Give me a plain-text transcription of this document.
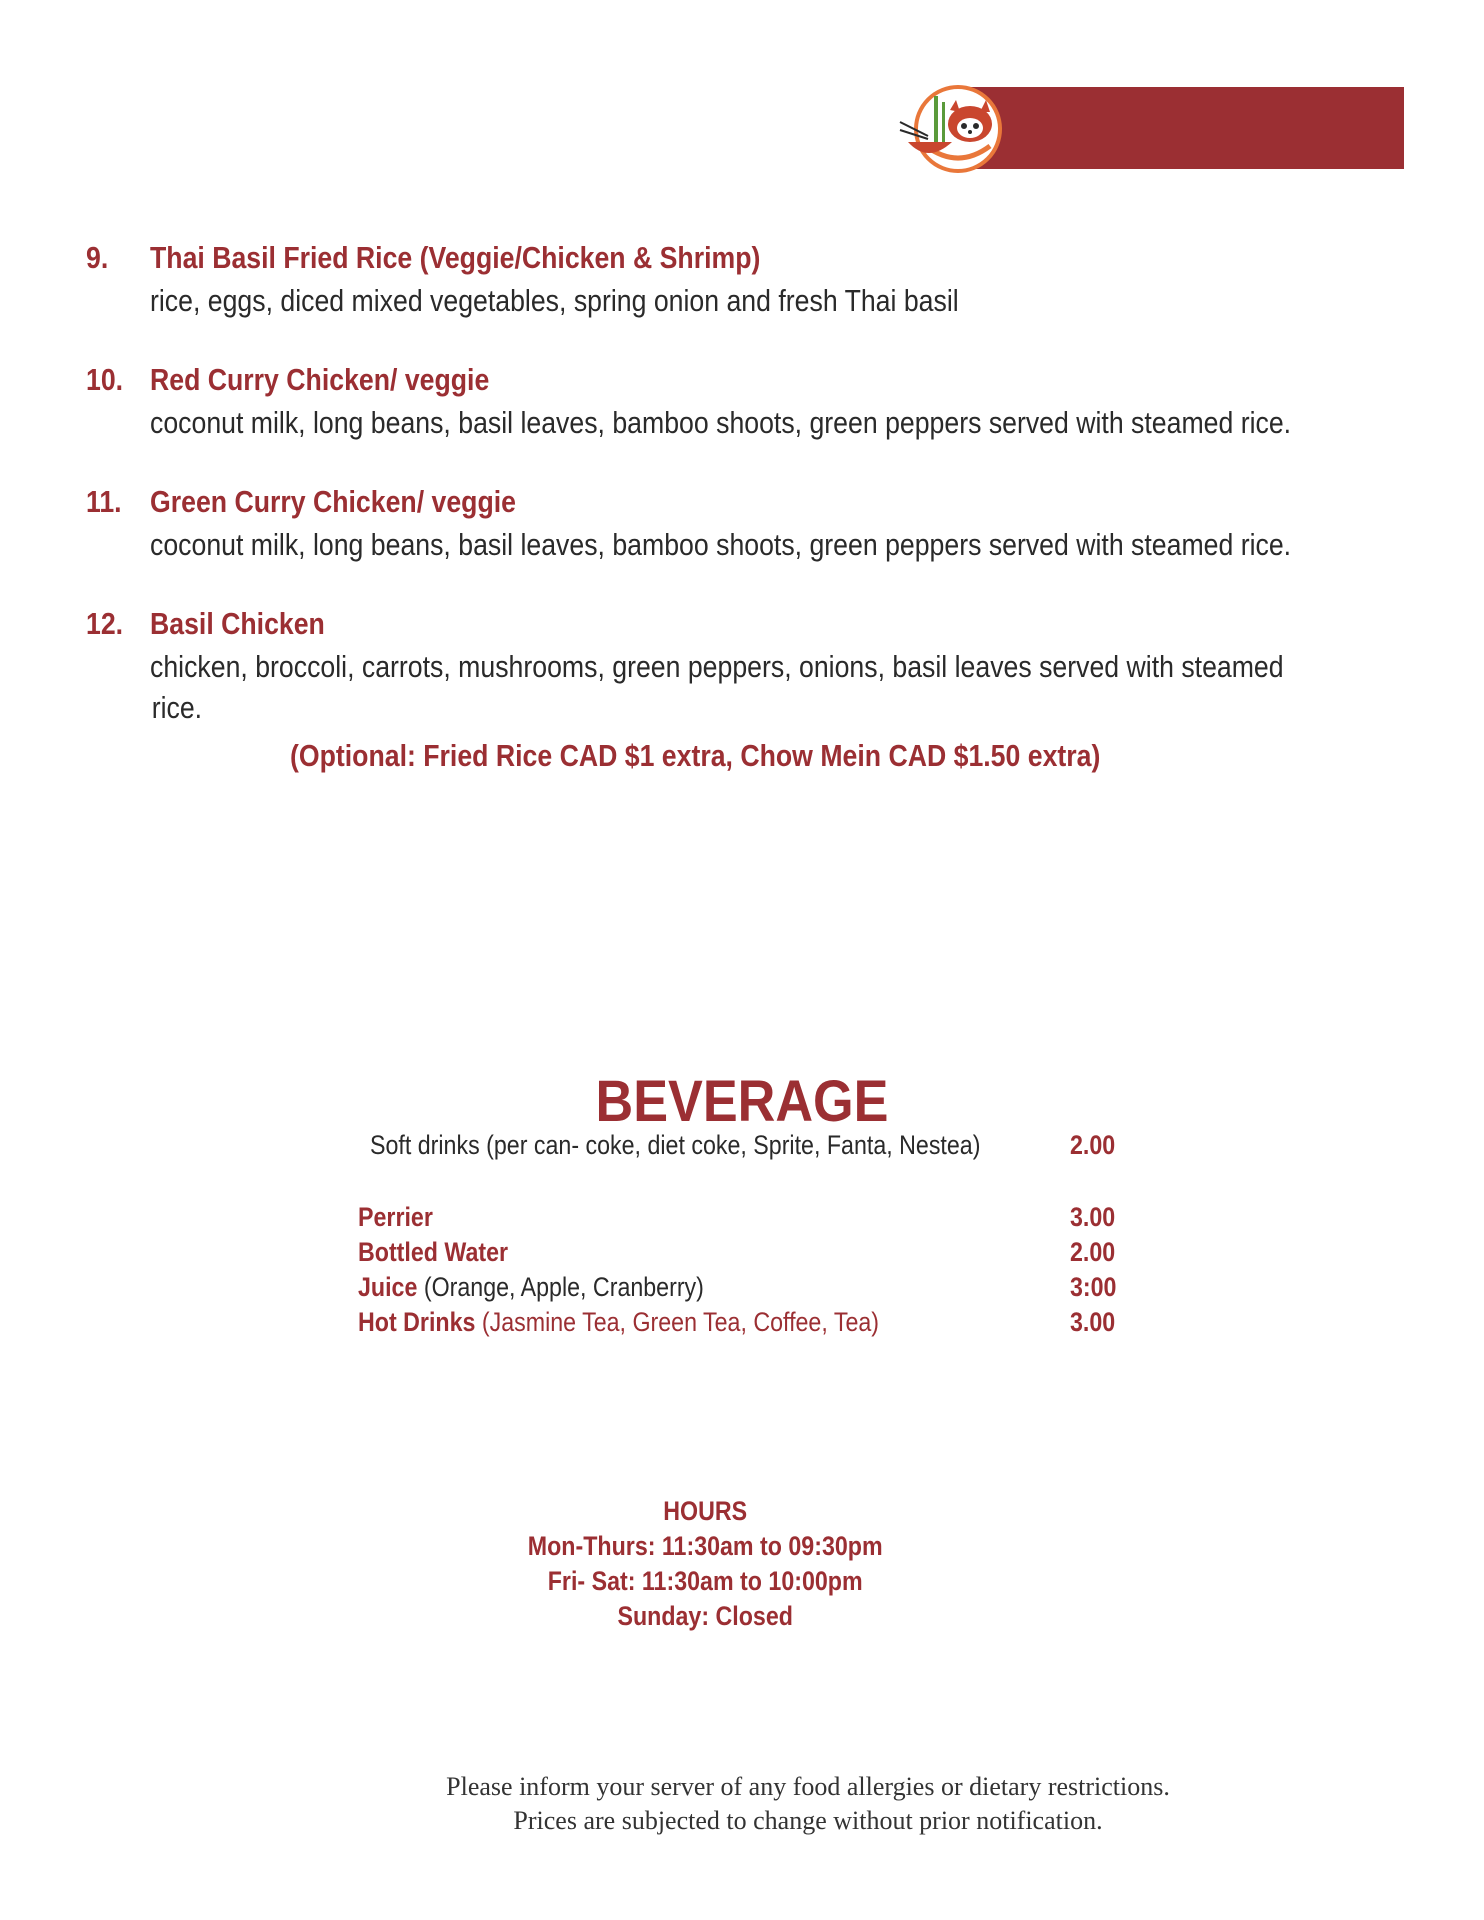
9. Thai Basil Fried Rice (Veggie/Chicken & Shrimp)
rice, eggs, diced mixed vegetables, spring onion and fresh Thai basil
10. Red Curry Chicken/ veggie
coconut milk, long beans, basil leaves, bamboo shoots, green peppers served with steamed rice.
11. Green Curry Chicken/ veggie
coconut milk, long beans, basil leaves, bamboo shoots, green peppers served with steamed rice.
12. Basil Chicken
chicken, broccoli, carrots, mushrooms, green peppers, onions, basil leaves served with steamed
rice.
(Optional: Fried Rice CAD $1 extra, Chow Mein CAD $1.50 extra)
BEVERAGE
Soft drinks (per can- coke, diet coke, Sprite, Fanta, Nestea)	2.00
Perrier	3.00
Bottled Water	2.00
Juice (Orange, Apple, Cranberry)	3:00
Hot Drinks (Jasmine Tea, Green Tea, Coffee, Tea)	3.00
HOURS
Mon-Thurs: 11:30am to 09:30pm
Fri- Sat: 11:30am to 10:00pm
Sunday: Closed
Please inform your server of any food allergies or dietary restrictions.
Prices are subjected to change without prior notification.
